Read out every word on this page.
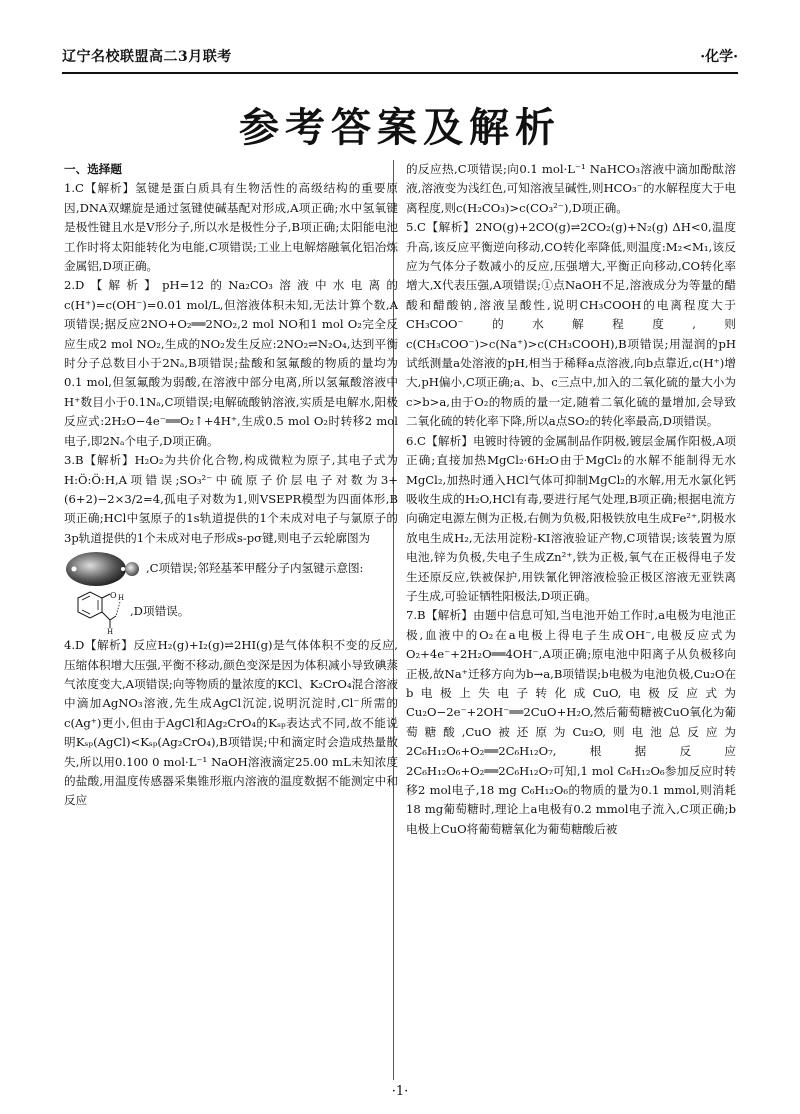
辽宁名校联盟高二3月联考	·化学·
参考答案及解析

一、选择题

1.C【解析】氢键是蛋白质具有生物活性的高级结构的重要原因,DNA双螺旋是通过氢键使碱基配对形成,A项正确;水中氢氧键是极性键且水是V形分子,所以水是极性分子,B项正确;太阳能电池工作时将太阳能转化为电能,C项错误;工业上电解熔融氧化铝冶炼金属铝,D项正确。

2.D【解析】pH=12的Na₂CO₃溶液中水电离的c(H⁺)=c(OH⁻)=0.01 mol/L,但溶液体积未知,无法计算个数,A项错误;据反应2NO+O₂══2NO₂,2 mol NO和1 mol O₂完全反应生成2 mol NO₂,生成的NO₂发生反应:2NO₂⇌N₂O₄,达到平衡时分子总数目小于2Nₐ,B项错误;盐酸和氢氟酸的物质的量均为0.1 mol,但氢氟酸为弱酸,在溶液中部分电离,所以氢氟酸溶液中H⁺数目小于0.1Nₐ,C项错误;电解硫酸钠溶液,实质是电解水,阳极反应式:2H₂O−4e⁻══O₂↑+4H⁺,生成0.5 mol O₂时转移2 mol电子,即2Nₐ个电子,D项正确。

3.B【解析】H₂O₂为共价化合物,构成微粒为原子,其电子式为H:Ö:Ö:H,A项错误;SO₃²⁻中硫原子价层电子对数为3+(6+2)−2×3/2=4,孤电子对数为1,则VSEPR模型为四面体形,B项正确;HCl中氢原子的1s轨道提供的1个未成对电子与氯原子的3p轨道提供的1个未成对电子形成s-pσ键,则电子云轮廓图为

,C项错误;邻羟基苯甲醛分子内氢键示意图:
O H
H
,D项错误。

4.D【解析】反应H₂(g)+I₂(g)⇌2HI(g)是气体体积不变的反应,压缩体积增大压强,平衡不移动,颜色变深是因为体积减小导致碘蒸气浓度变大,A项错误;向等物质的量浓度的KCl、K₂CrO₄混合溶液中滴加AgNO₃溶液,先生成AgCl沉淀,说明沉淀时,Cl⁻所需的c(Ag⁺)更小,但由于AgCl和Ag₂CrO₄的Kₛₚ表达式不同,故不能说明Kₛₚ(AgCl)<Kₛₚ(Ag₂CrO₄),B项错误;中和滴定时会造成热量散失,所以用0.100 0 mol·L⁻¹ NaOH溶液滴定25.00 mL未知浓度的盐酸,用温度传感器采集锥形瓶内溶液的温度数据不能测定中和反应

的反应热,C项错误;向0.1 mol·L⁻¹ NaHCO₃溶液中滴加酚酞溶液,溶液变为浅红色,可知溶液呈碱性,则HCO₃⁻的水解程度大于电离程度,则c(H₂CO₃)>c(CO₃²⁻),D项正确。

5.C【解析】2NO(g)+2CO(g)⇌2CO₂(g)+N₂(g) ΔH<0,温度升高,该反应平衡逆向移动,CO转化率降低,则温度:M₂<M₁,该反应为气体分子数减小的反应,压强增大,平衡正向移动,CO转化率增大,X代表压强,A项错误;①点NaOH不足,溶液成分为等量的醋酸和醋酸钠,溶液呈酸性,说明CH₃COOH的电离程度大于CH₃COO⁻的水解程度,则c(CH₃COO⁻)>c(Na⁺)>c(CH₃COOH),B项错误;用湿润的pH试纸测量a处溶液的pH,相当于稀释a点溶液,向b点靠近,c(H⁺)增大,pH偏小,C项正确;a、b、c三点中,加入的二氧化硫的量大小为c>b>a,由于O₂的物质的量一定,随着二氧化硫的量增加,会导致二氧化硫的转化率下降,所以a点SO₂的转化率最高,D项错误。

6.C【解析】电镀时待镀的金属制品作阴极,镀层金属作阳极,A项正确;直接加热MgCl₂·6H₂O由于MgCl₂的水解不能制得无水MgCl₂,加热时通入HCl气体可抑制MgCl₂的水解,用无水氯化钙吸收生成的H₂O,HCl有毒,要进行尾气处理,B项正确;根据电流方向确定电源左侧为正极,右侧为负极,阳极铁放电生成Fe²⁺,阴极水放电生成H₂,无法用淀粉-KI溶液验证产物,C项错误;该装置为原电池,锌为负极,失电子生成Zn²⁺,铁为正极,氧气在正极得电子发生还原反应,铁被保护,用铁氰化钾溶液检验正极区溶液无亚铁离子生成,可验证牺牲阳极法,D项正确。

7.B【解析】由题中信息可知,当电池开始工作时,a电极为电池正极,血液中的O₂在a电极上得电子生成OH⁻,电极反应式为O₂+4e⁻+2H₂O══4OH⁻,A项正确;原电池中阳离子从负极移向正极,故Na⁺迁移方向为b→a,B项错误;b电极为电池负极,Cu₂O在b电极上失电子转化成CuO,电极反应式为Cu₂O−2e⁻+2OH⁻══2CuO+H₂O,然后葡萄糖被CuO氧化为葡萄糖酸,CuO被还原为Cu₂O,则电池总反应为2C₆H₁₂O₆+O₂══2C₆H₁₂O₇,根据反应2C₆H₁₂O₆+O₂══2C₆H₁₂O₇可知,1 mol C₆H₁₂O₆参加反应时转移2 mol电子,18 mg C₆H₁₂O₆的物质的量为0.1 mmol,则消耗18 mg葡萄糖时,理论上a电极有0.2 mmol电子流入,C项正确;b电极上CuO将葡萄糖氧化为葡萄糖酸后被

·1·
